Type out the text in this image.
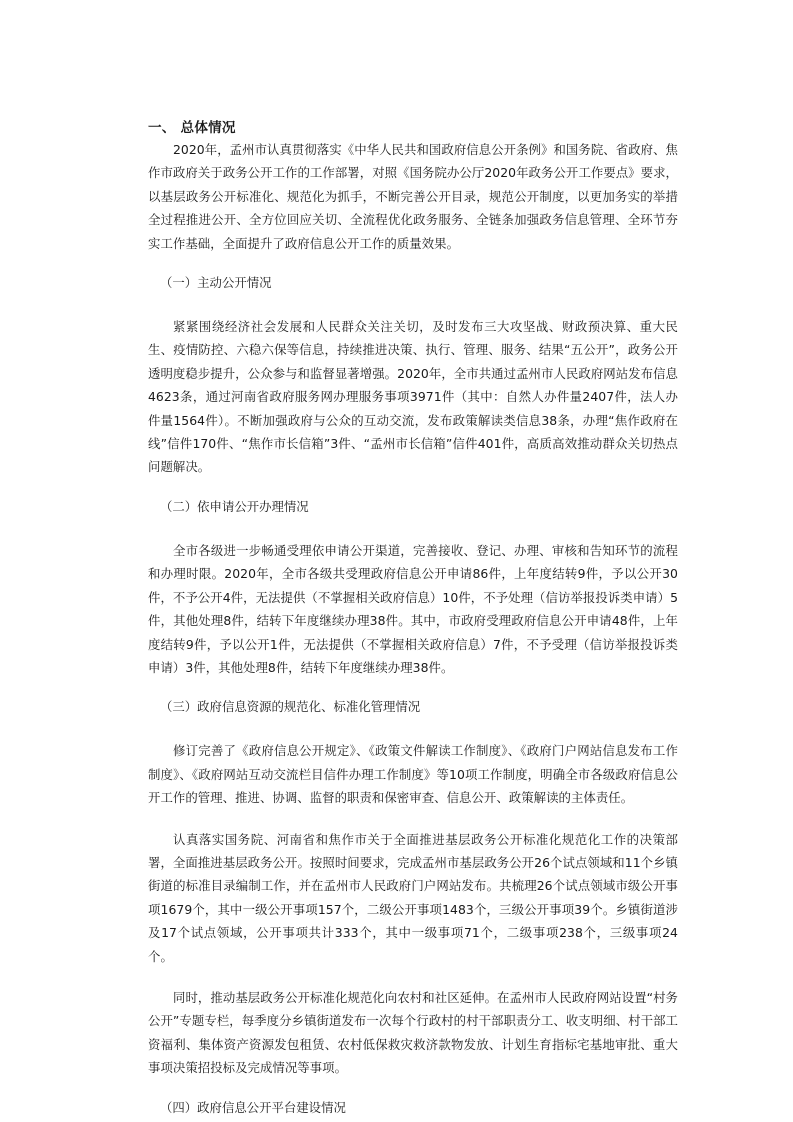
一、 总体情况

2020年，孟州市认真贯彻落实《中华人民共和国政府信息公开条例》和国务院、省政府、焦作市政府关于政务公开工作的工作部署，对照《国务院办公厅2020年政务公开工作要点》要求，以基层政务公开标准化、规范化为抓手，不断完善公开目录，规范公开制度，以更加务实的举措全过程推进公开、全方位回应关切、全流程优化政务服务、全链条加强政务信息管理、全环节夯实工作基础，全面提升了政府信息公开工作的质量效果。

（一）主动公开情况

紧紧围绕经济社会发展和人民群众关注关切，及时发布三大攻坚战、财政预决算、重大民生、疫情防控、六稳六保等信息，持续推进决策、执行、管理、服务、结果“五公开”，政务公开透明度稳步提升，公众参与和监督显著增强。2020年，全市共通过孟州市人民政府网站发布信息4623条，通过河南省政府服务网办理服务事项3971件（其中：自然人办件量2407件，法人办件量1564件）。不断加强政府与公众的互动交流，发布政策解读类信息38条，办理“焦作政府在线”信件170件、“焦作市长信箱”3件、“孟州市长信箱”信件401件，高质高效推动群众关切热点问题解决。

（二）依申请公开办理情况

全市各级进一步畅通受理依申请公开渠道，完善接收、登记、办理、审核和告知环节的流程和办理时限。2020年，全市各级共受理政府信息公开申请86件，上年度结转9件，予以公开30件，不予公开4件，无法提供（不掌握相关政府信息）10件，不予处理（信访举报投诉类申请）5件，其他处理8件，结转下年度继续办理38件。其中，市政府受理政府信息公开申请48件，上年度结转9件，予以公开1件，无法提供（不掌握相关政府信息）7件，不予受理（信访举报投诉类申请）3件，其他处理8件，结转下年度继续办理38件。

（三）政府信息资源的规范化、标准化管理情况

修订完善了《政府信息公开规定》、《政策文件解读工作制度》、《政府门户网站信息发布工作制度》、《政府网站互动交流栏目信件办理工作制度》等10项工作制度，明确全市各级政府信息公开工作的管理、推进、协调、监督的职责和保密审查、信息公开、政策解读的主体责任。

认真落实国务院、河南省和焦作市关于全面推进基层政务公开标准化规范化工作的决策部署，全面推进基层政务公开。按照时间要求，完成孟州市基层政务公开26个试点领域和11个乡镇街道的标准目录编制工作，并在孟州市人民政府门户网站发布。共梳理26个试点领域市级公开事项1679个，其中一级公开事项157个，二级公开事项1483个，三级公开事项39个。乡镇街道涉及17个试点领域，公开事项共计333个，其中一级事项71个，二级事项238个，三级事项24个。

同时，推动基层政务公开标准化规范化向农村和社区延伸。在孟州市人民政府网站设置“村务公开”专题专栏，每季度分乡镇街道发布一次每个行政村的村干部职责分工、收支明细、村干部工资福利、集体资产资源发包租赁、农村低保救灾救济款物发放、计划生育指标宅基地审批、重大事项决策招投标及完成情况等事项。

（四）政府信息公开平台建设情况
